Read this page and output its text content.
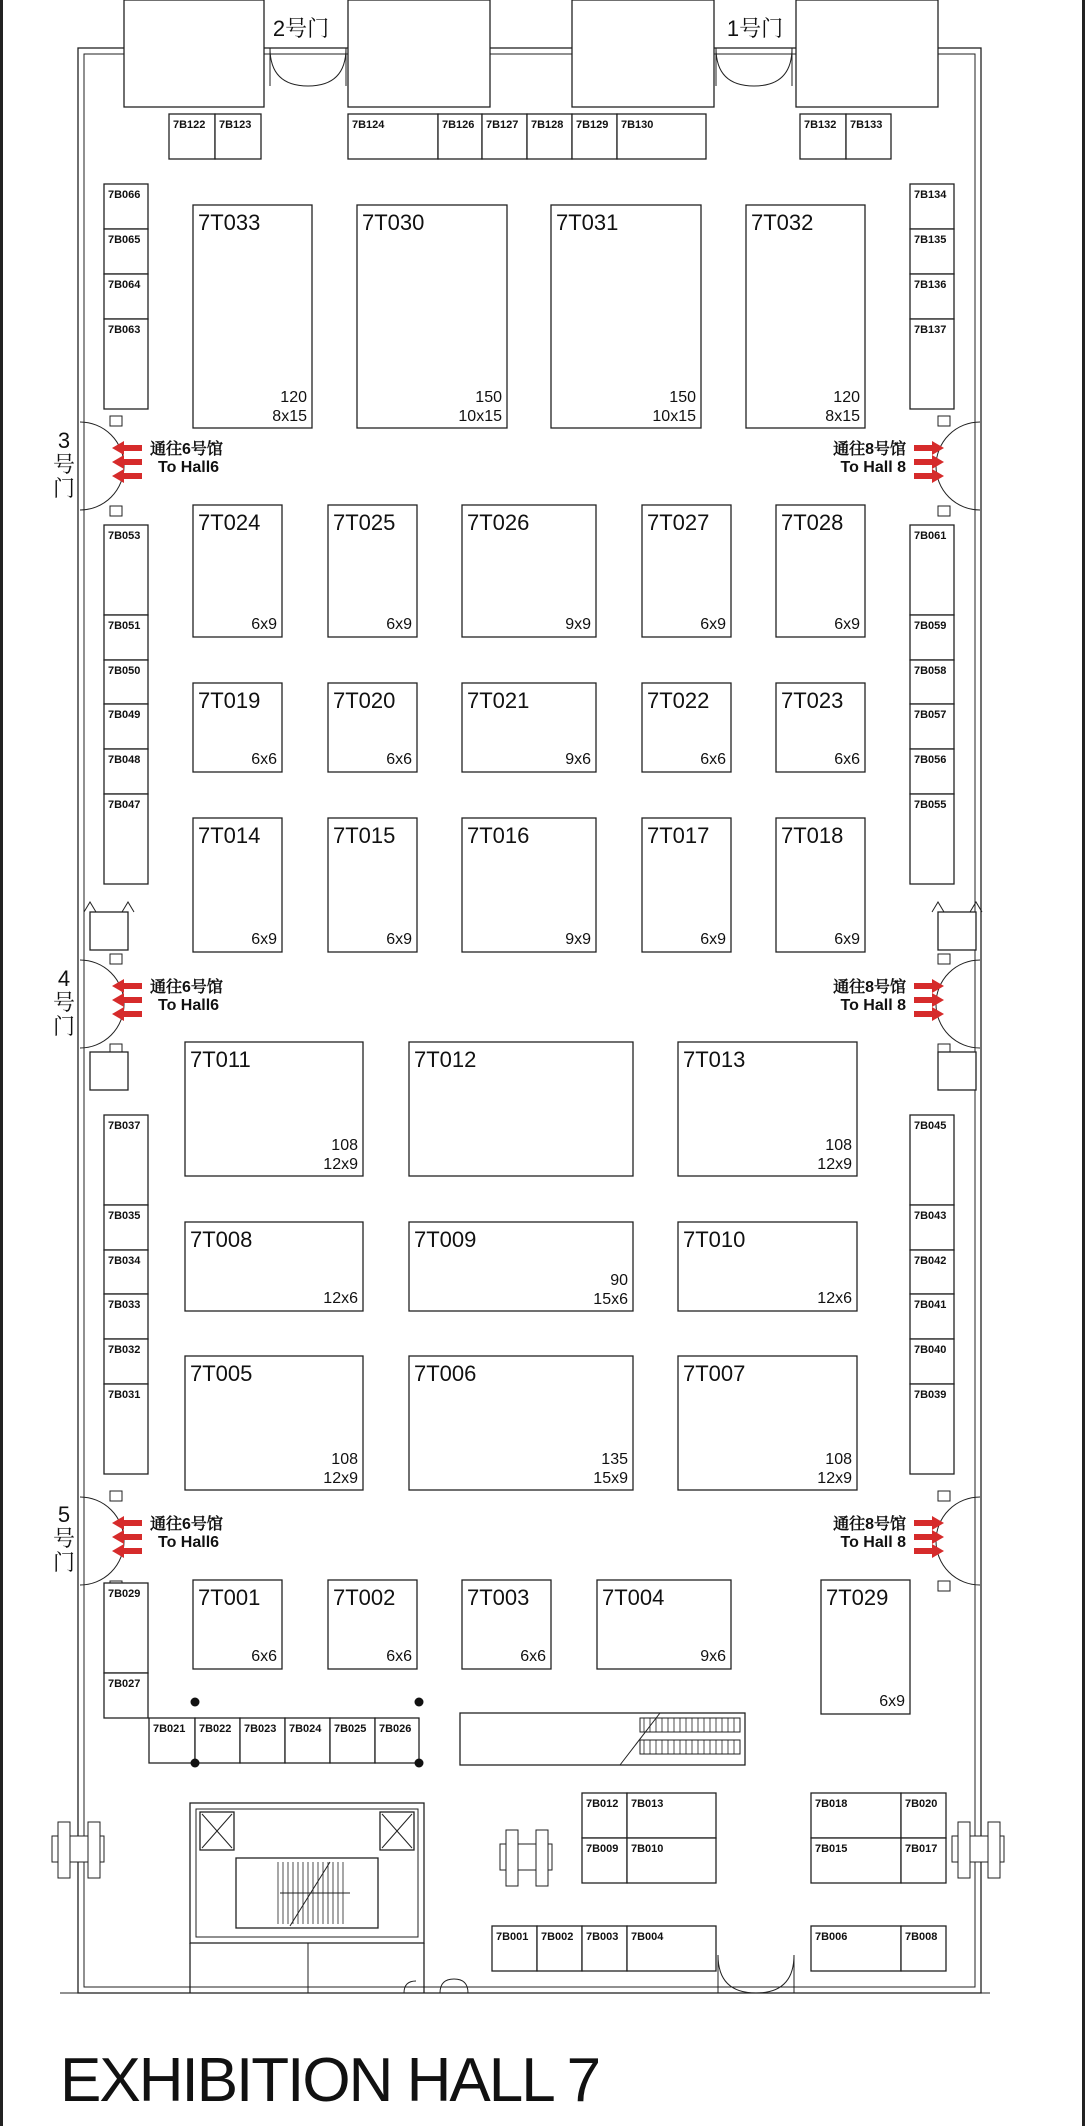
2号门	1号门
3 号门
4 号门
5 号门
通往6号馆
To Hall6
通往8号馆
To Hall 8
通往6号馆
To Hall6
通往8号馆
To Hall 8
通往6号馆
To Hall6
通往8号馆
To Hall 8
7T033
120
8x15
7T030
150
10x15
7T031
150
10x15
7T032
120
8x15
7T024
6x9
7T025
6x9
7T026
9x9
7T027
6x9
7T028
6x9
7T019
6x6
7T020
6x6
7T021
9x6
7T022
6x6
7T023
6x6
7T014
6x9
7T015
6x9
7T016
9x9
7T017
6x9
7T018
6x9
7T011
108
12x9
7T012	7T013
108
12x9
7T008
12x6
7T009
90
15x6
7T010
12x6
7T005
108
12x9
7T006
135
15x9
7T007
108
12x9
7T001
6x6
7T002
6x6
7T003
6x6
7T004
9x6
7T029
6x9
7B122 7B123	7B124	7B126 7B127 7B128 7B129 7B130	7B132 7B133
7B066
7B065
7B064
7B063
7B134
7B135
7B136
7B137
7B053
7B051
7B050
7B049
7B048
7B047
7B061
7B059
7B058
7B057
7B056
7B055
7B037
7B035
7B034
7B033
7B032
7B031
7B045
7B043
7B042
7B041
7B040
7B039
7B029
7B027
7B021 7B022 7B023 7B024 7B025 7B026
7B012 7B013
7B009 7B010
7B018	7B020
7B015	7B017
7B001 7B002 7B003 7B004	7B006	7B008
EXHIBITION HALL 7
